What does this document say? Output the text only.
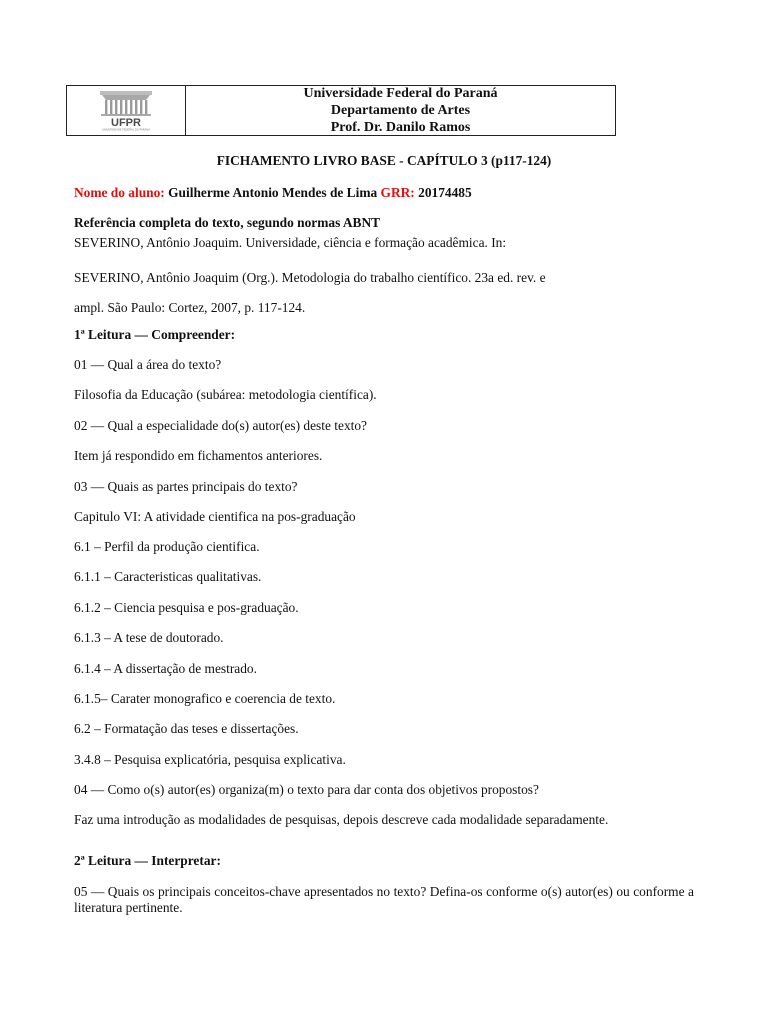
UFPR
UNIVERSIDADE FEDERAL DO PARANÁ
Universidade Federal do Paraná
Departamento de Artes
Prof. Dr. Danilo Ramos
FICHAMENTO LIVRO BASE - CAPÍTULO 3 (p117-124)
Nome do aluno: Guilherme Antonio Mendes de Lima GRR: 20174485
Referência completa do texto, segundo normas ABNT
SEVERINO, Antônio Joaquim. Universidade, ciência e formação acadêmica. In:
SEVERINO, Antônio Joaquim (Org.). Metodologia do trabalho científico. 23a ed. rev. e
ampl. São Paulo: Cortez, 2007, p. 117-124.
1ª Leitura — Compreender:
01 — Qual a área do texto?
Filosofia da Educação (subárea: metodologia científica).
02 — Qual a especialidade do(s) autor(es) deste texto?
Item já respondido em fichamentos anteriores.
03 — Quais as partes principais do texto?
Capitulo VI: A atividade cientifica na pos-graduação
6.1 – Perfil da produção cientifica.
6.1.1 – Caracteristicas qualitativas.
6.1.2 – Ciencia pesquisa e pos-graduação.
6.1.3 – A tese de doutorado.
6.1.4 – A dissertação de mestrado.
6.1.5– Carater monografico e coerencia de texto.
6.2 – Formatação das teses e dissertações.
3.4.8 – Pesquisa explicatória, pesquisa explicativa.
04 — Como o(s) autor(es) organiza(m) o texto para dar conta dos objetivos propostos?
Faz uma introdução as modalidades de pesquisas, depois descreve cada modalidade separadamente.
2ª Leitura — Interpretar:
05 — Quais os principais conceitos-chave apresentados no texto? Defina-os conforme o(s) autor(es) ou conforme a literatura pertinente.
